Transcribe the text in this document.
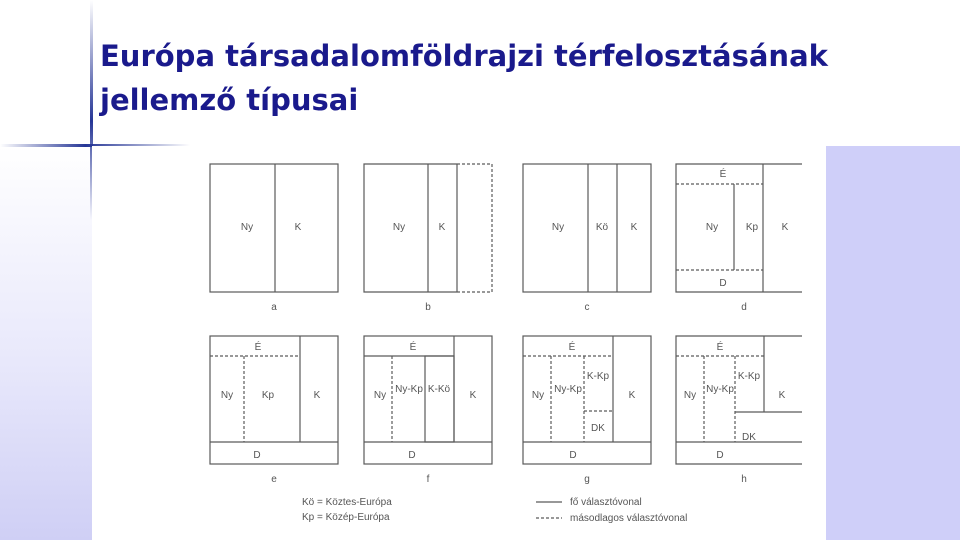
Európa társadalomföldrajzi térfelosztásának
jellemző típusai
Ny	K
a
Ny	K
b
Ny	Kö K
c
É
Ny	Kp K
D
d
É
Ny	Kp	K
D
e
É
Ny
Ny-Kp K-Kö
K
D
f
É
Ny
Ny-Kp
K-Kp
DK
K
D
g
É
Ny
Ny-Kp
K-Kp
K
DK
D
h
Kö = Köztes-Európa
Kp = Közép-Európa
fő választóvonal
másodlagos választóvonal
